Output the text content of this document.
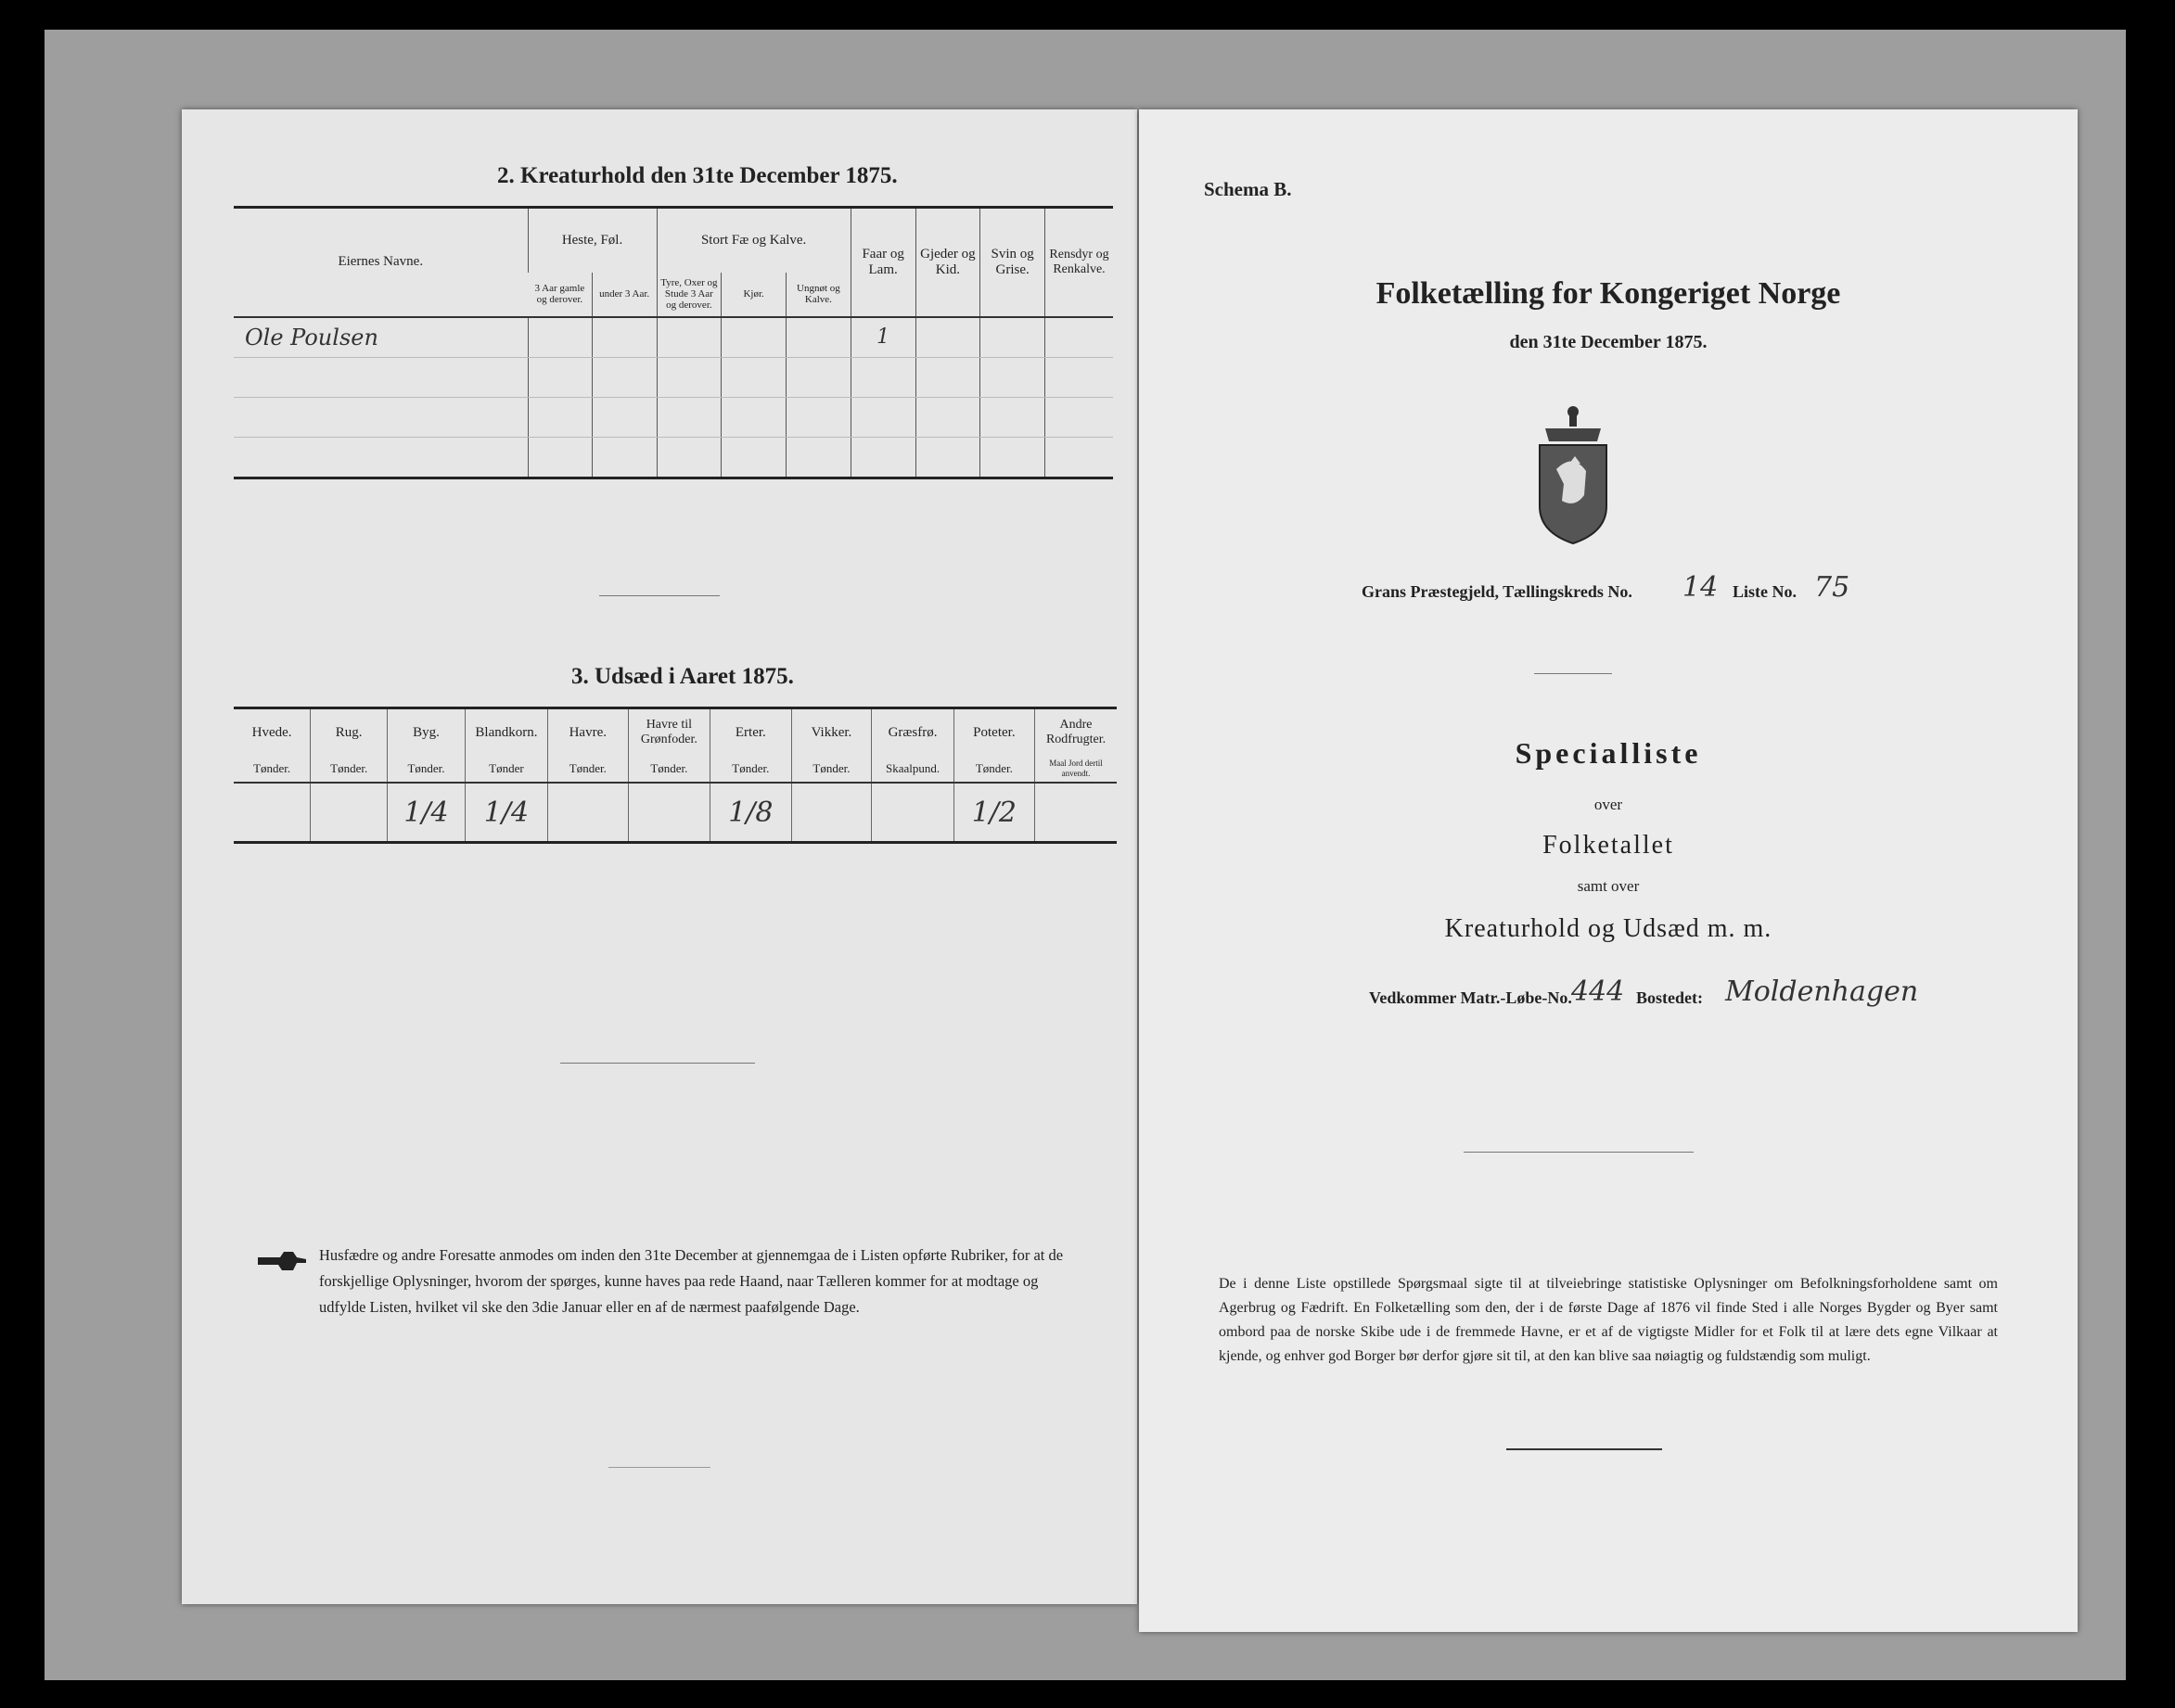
2. Kreaturhold den 31te December 1875.
Eiernes Navne.	Heste, Føl.		Stort Fæ og Kalve.			Faar og Lam.	Gjeder og Kid.	Svin og Grise.	Rensdyr og Renkalve.
	3 Aar gamle og derover.	under 3 Aar.	Tyre, Oxer og Stude 3 Aar og derover.	Kjør.	Ungnøt og Kalve.				
Ole Poulsen						1			

3. Udsæd i Aaret 1875.
Hvede.	Rug.	Byg.	Blandkorn.	Havre.	Havre til Grønfoder.	Erter.	Vikker.	Græsfrø.	Poteter.	Andre Rodfrugter.
Tønder.	Tønder.	Tønder.	Tønder	Tønder.	Tønder.	Tønder.	Tønder.	Skaalpund.	Tønder.	Maal Jord dertil anvendt.
		1/4	1/4			1/8			1/2	
Husfædre og andre Foresatte anmodes om inden den 31te December at gjennemgaa de i Listen opførte Rubriker, for at de forskjellige Oplysninger, hvorom der spørges, kunne haves paa rede Haand, naar Tælleren kommer for at modtage og udfylde Listen, hvilket vil ske den 3die Januar eller en af de nærmest paafølgende Dage.
Schema B.
Folketælling for Kongeriget Norge
den 31te December 1875.
Grans Præstegjeld, Tællingskreds No. 14 Liste No. 75
Specialliste
over
Folketallet
samt over
Kreaturhold og Udsæd m. m.
Vedkommer Matr.-Løbe-No. 444 Bostedet: Moldenhagen
De i denne Liste opstillede Spørgsmaal sigte til at tilveiebringe statistiske Oplysninger om Befolkningsforholdene samt om Agerbrug og Fædrift. En Folketælling som den, der i de første Dage af 1876 vil finde Sted i alle Norges Bygder og Byer samt ombord paa de norske Skibe ude i de fremmede Havne, er et af de vigtigste Midler for et Folk til at lære dets egne Vilkaar at kjende, og enhver god Borger bør derfor gjøre sit til, at den kan blive saa nøiagtig og fuldstændig som muligt.
